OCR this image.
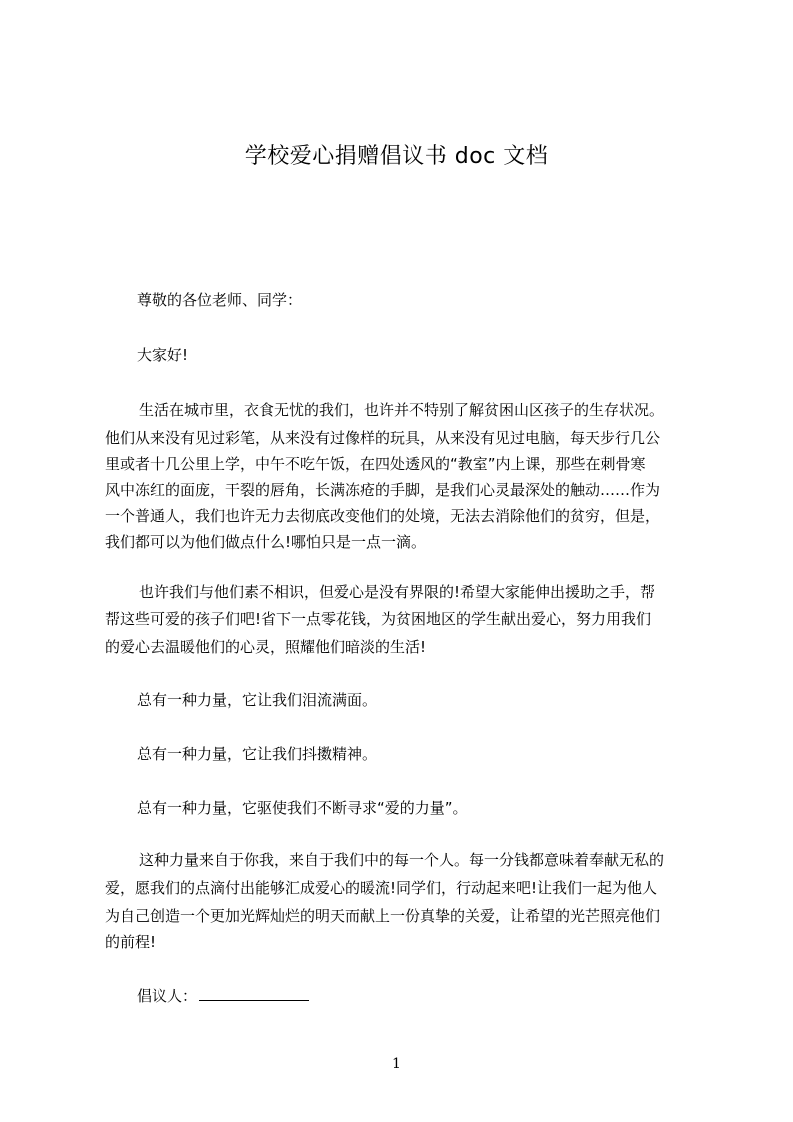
学校爱心捐赠倡议书 doc 文档
尊敬的各位老师、同学：
大家好!
生活在城市里，衣食无忧的我们，也许并不特别了解贫困山区孩子的生存状况。
他们从来没有见过彩笔，从来没有过像样的玩具，从来没有见过电脑，每天步行几公
里或者十几公里上学，中午不吃午饭，在四处透风的“教室”内上课，那些在刺骨寒
风中冻红的面庞，干裂的唇角，长满冻疮的手脚，是我们心灵最深处的触动……作为
一个普通人，我们也许无力去彻底改变他们的处境，无法去消除他们的贫穷，但是，
我们都可以为他们做点什么!哪怕只是一点一滴。
也许我们与他们素不相识，但爱心是没有界限的!希望大家能伸出援助之手，帮
帮这些可爱的孩子们吧!省下一点零花钱，为贫困地区的学生献出爱心，努力用我们
的爱心去温暖他们的心灵，照耀他们暗淡的生活!
总有一种力量，它让我们泪流满面。
总有一种力量，它让我们抖擞精神。
总有一种力量，它驱使我们不断寻求“爱的力量”。
这种力量来自于你我，来自于我们中的每一个人。每一分钱都意味着奉献无私的
爱，愿我们的点滴付出能够汇成爱心的暖流!同学们，行动起来吧!让我们一起为他人
为自己创造一个更加光辉灿烂的明天而献上一份真挚的关爱，让希望的光芒照亮他们
的前程!
倡议人：
1
